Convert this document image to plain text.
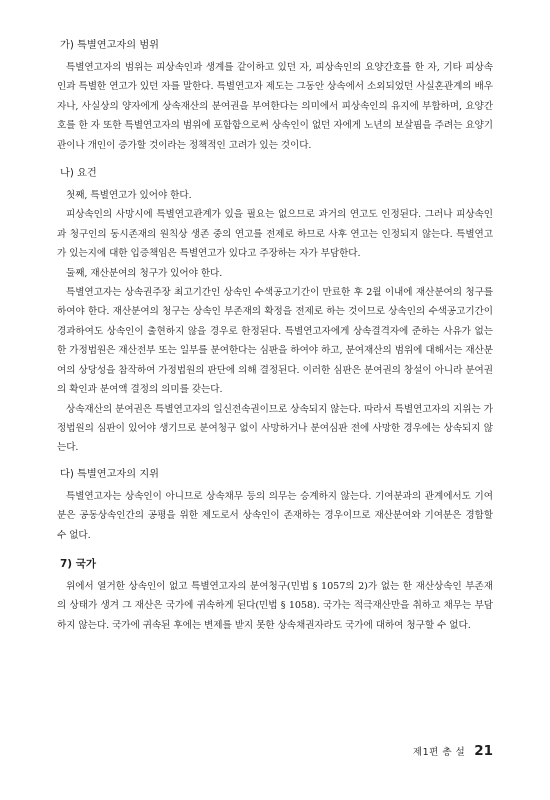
가) 특별연고자의 범위

특별연고자의 범위는 피상속인과 생계를 같이하고 있던 자, 피상속인의 요양간호를 한 자, 기타 피상속인과 특별한 연고가 있던 자를 말한다. 특별연고자 제도는 그동안 상속에서 소외되었던 사실혼관계의 배우자나, 사실상의 양자에게 상속재산의 분여권을 부여한다는 의미에서 피상속인의 유지에 부합하며, 요양간호를 한 자 또한 특별연고자의 범위에 포함함으로써 상속인이 없던 자에게 노년의 보살핌을 주려는 요양기관이나 개인이 증가할 것이라는 정책적인 고려가 있는 것이다.

나) 요건

첫째, 특별연고가 있어야 한다.

피상속인의 사망시에 특별연고관계가 있을 필요는 없으므로 과거의 연고도 인정된다. 그러나 피상속인과 청구인의 동시존재의 원칙상 생존 중의 연고를 전제로 하므로 사후 연고는 인정되지 않는다. 특별연고가 있는지에 대한 입증책임은 특별연고가 있다고 주장하는 자가 부담한다.

둘째, 재산분여의 청구가 있어야 한다.

특별연고자는 상속권주장 최고기간인 상속인 수색공고기간이 만료한 후 2월 이내에 재산분여의 청구를 하여야 한다. 재산분여의 청구는 상속인 부존재의 확정을 전제로 하는 것이므로 상속인의 수색공고기간이 경과하여도 상속인이 출현하지 않을 경우로 한정된다. 특별연고자에게 상속결격자에 준하는 사유가 없는 한 가정법원은 재산전부 또는 일부를 분여한다는 심판을 하여야 하고, 분여재산의 범위에 대해서는 재산분여의 상당성을 참작하여 가정법원의 판단에 의해 결정된다. 이러한 심판은 분여권의 창설이 아니라 분여권의 확인과 분여액 결정의 의미를 갖는다.

상속재산의 분여권은 특별연고자의 일신전속권이므로 상속되지 않는다. 따라서 특별연고자의 지위는 가정법원의 심판이 있어야 생기므로 분여청구 없이 사망하거나 분여심판 전에 사망한 경우에는 상속되지 않는다.

다) 특별연고자의 지위

특별연고자는 상속인이 아니므로 상속채무 등의 의무는 승계하지 않는다. 기여분과의 관계에서도 기여분은 공동상속인간의 공평을 위한 제도로서 상속인이 존재하는 경우이므로 재산분여와 기여분은 경합할 수 없다.

7) 국가

위에서 열거한 상속인이 없고 특별연고자의 분여청구(민법 § 1057의 2)가 없는 한 재산상속인 부존재의 상태가 생겨 그 재산은 국가에 귀속하게 된다(민법 § 1058). 국가는 적극재산만을 취하고 채무는 부담하지 않는다. 국가에 귀속된 후에는 변제를 받지 못한 상속채권자라도 국가에 대하여 청구할 수 없다.

제1편 총 설 21
